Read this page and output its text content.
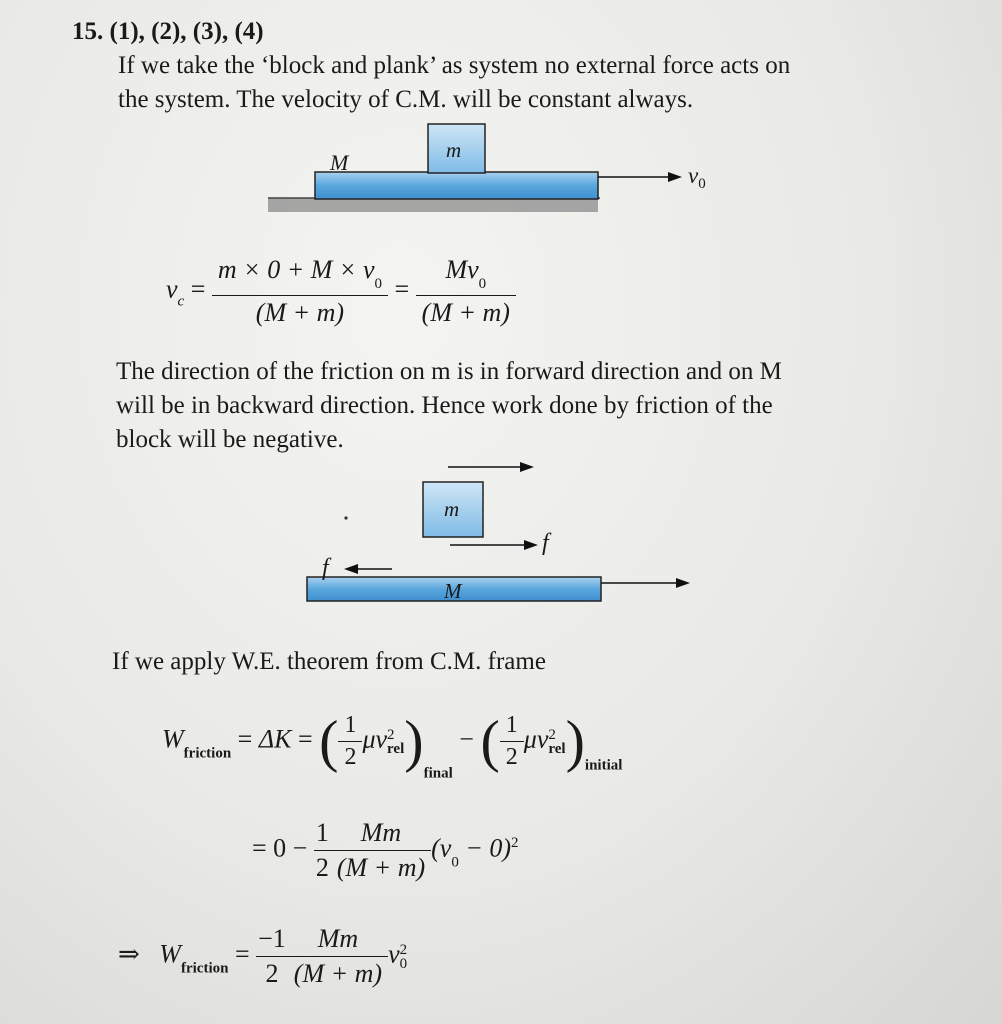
15. (1), (2), (3), (4)
If we take the ‘block and plank’ as system no external force acts on
the system. The velocity of C.M. will be constant always.
m
M
$v_0$
$v_c = \frac{m \times 0 + M \times v_0}{(M + m)} = \frac{Mv_0}{(M + m)}$
The direction of the friction on m is in forward direction and on M
will be in backward direction. Hence work done by friction of the
block will be negative.
m
M
f
f
If we apply W.E. theorem from C.M. frame
$W_{friction} = \Delta K$ = ( $\frac{1}{2} \mu v2$
$rel)_{final}$ − ( $\frac{1}{2} \mu v2$
$rel)_{initial}$
= $0 - \frac{1}{2} \frac{Mm}{(M + m)} (v_0 - 0)^2$
⇒ $W_{friction} = \frac{-1}{2} \frac{Mm}{(M + m)} v2$
0
